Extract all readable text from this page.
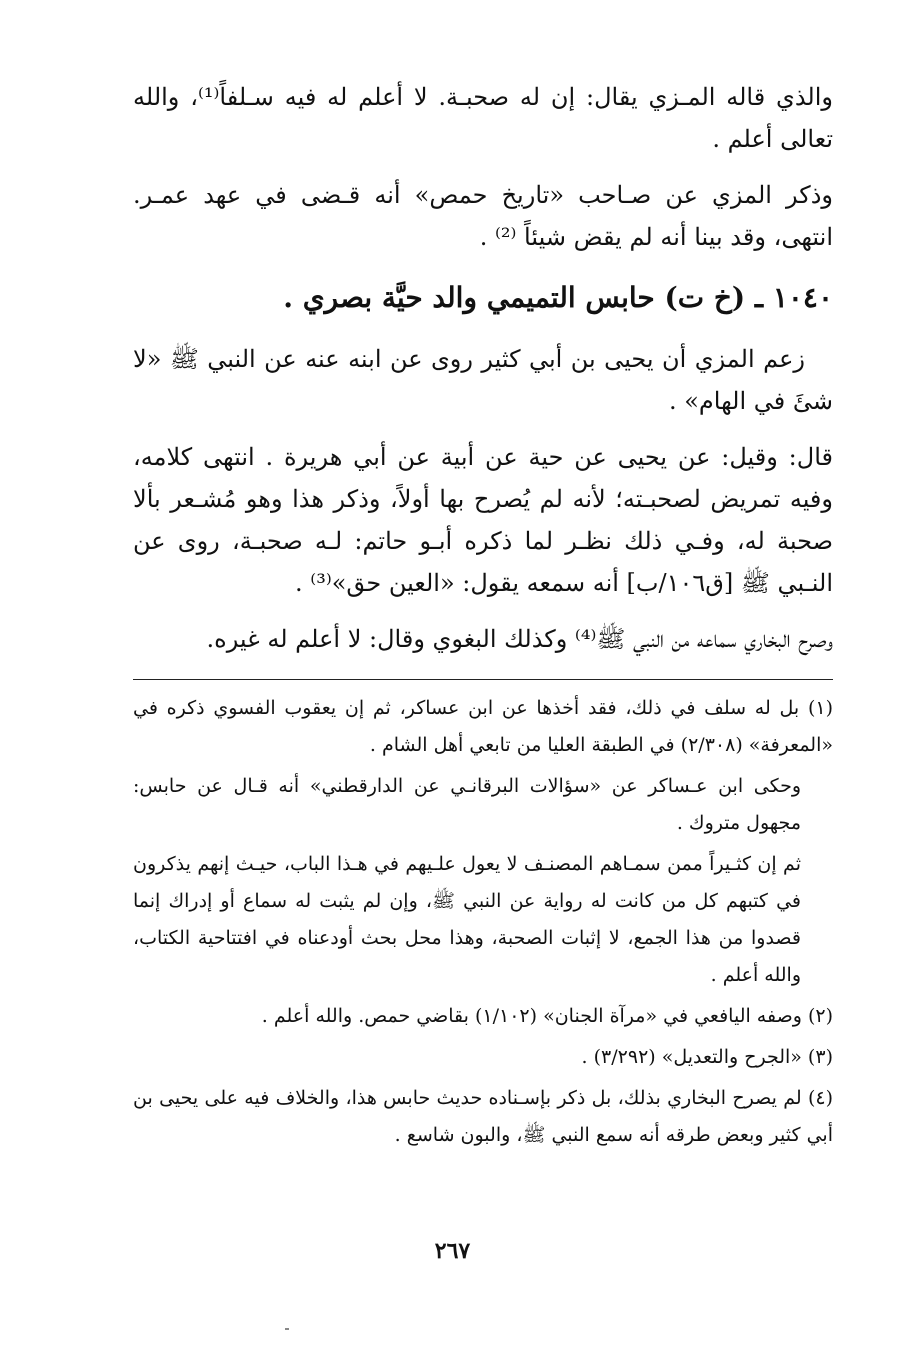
والذي قاله المـزي يقال: إن له صحبـة. لا أعلم له فيه سـلفاً⁽¹⁾، والله تعالى أعلم .

وذكر المزي عن صـاحب «تاريخ حمص» أنه قـضى في عهد عمـر. انتهى، وقد بينا أنه لم يقض شيئاً ⁽²⁾ .

١٠٤٠ ـ (خ ت) حابس التميمي والد حيَّة بصري .

زعم المزي أن يحيى بن أبي كثير روى عن ابنه عنه عن النبي ﷺ «لا شئَ في الهام» .

قال: وقيل: عن يحيى عن حية عن أبية عن أبي هريرة . انتهى كلامه، وفيه تمريض لصحبـته؛ لأنه لم يُصرح بها أولاً، وذكر هذا وهو مُشـعر بألا صحبة له، وفـي ذلك نظـر لما ذكره أبـو حاتم: لـه صحبـة، روى عن النـبي ﷺ [ق١٠٦/ب] أنه سمعه يقول: «العين حق»⁽³⁾ .

وصرح البخاري سماعه من النبي ﷺ⁽⁴⁾ وكذلك البغوي وقال: لا أعلم له غيره.

(١) بل له سلف في ذلك، فقد أخذها عن ابن عساكر، ثم إن يعقوب الفسوي ذكره في «المعرفة» (٢/٣٠٨) في الطبقة العليا من تابعي أهل الشام .

وحكى ابن عـساكر عن «سؤالات البرقانـي عن الدارقطني» أنه قـال عن حابس: مجهول متروك .

ثم إن كثـيراً ممن سمـاهم المصنـف لا يعول علـيهم في هـذا الباب، حيـث إنهم يذكرون في كتبهم كل من كانت له رواية عن النبي ﷺ، وإن لم يثبت له سماع أو إدراك إنما قصدوا من هذا الجمع، لا إثبات الصحبة، وهذا محل بحث أودعناه في افتتاحية الكتاب، والله أعلم .

(٢) وصفه اليافعي في «مرآة الجنان» (١/١٠٢) بقاضي حمص. والله أعلم .

(٣) «الجرح والتعديل» (٣/٢٩٢) .

(٤) لم يصرح البخاري بذلك، بل ذكر بإسـناده حديث حابس هذا، والخلاف فيه على يحيى بن أبي كثير وبعض طرقه أنه سمع النبي ﷺ، والبون شاسع .

٢٦٧
